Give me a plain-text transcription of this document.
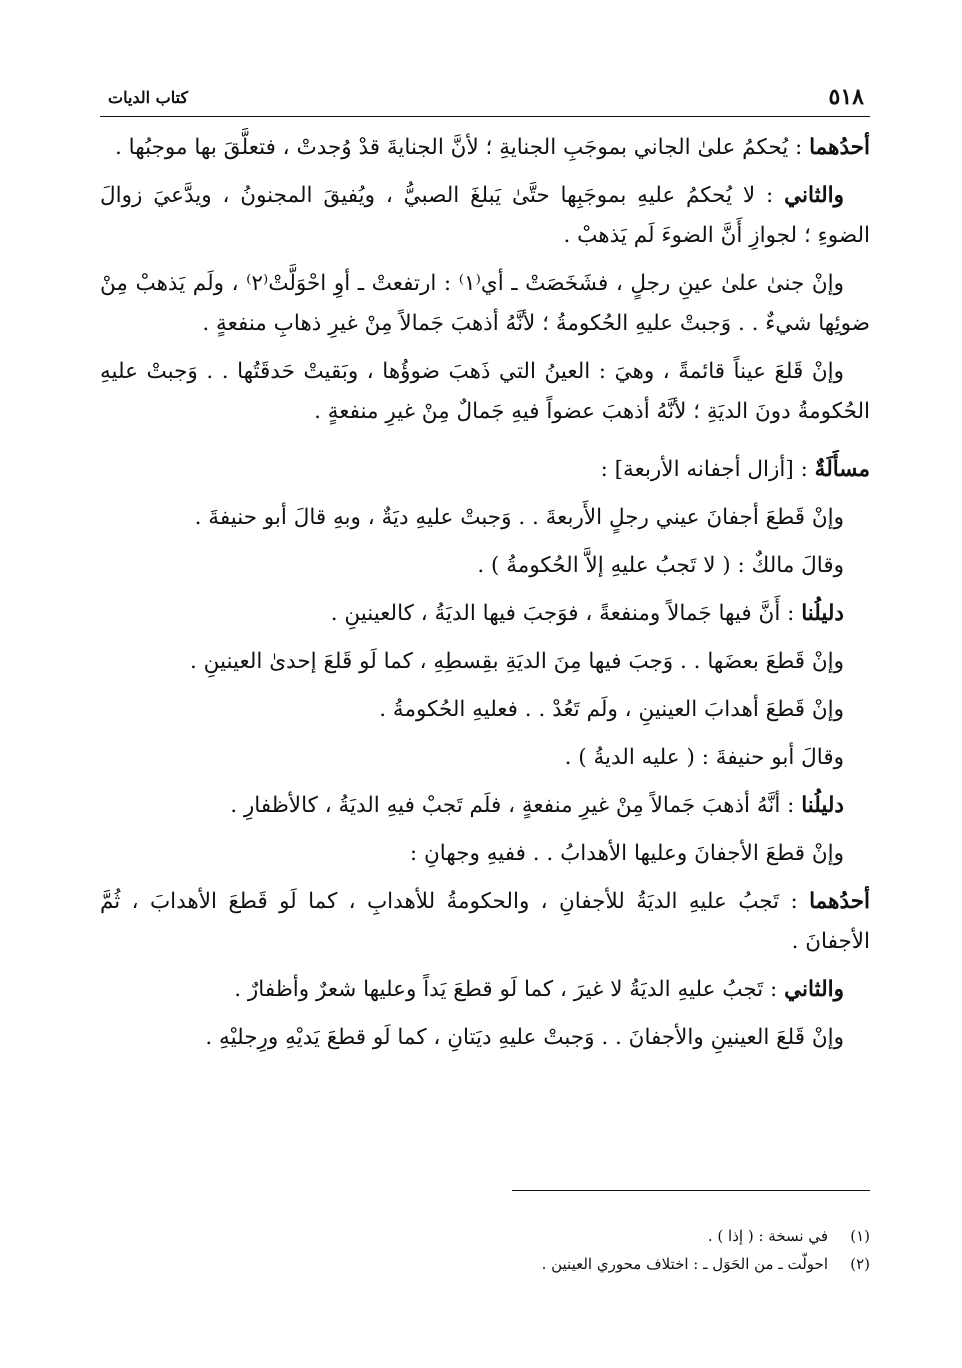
٥١٨
كتاب الديات

أحدُهما : يُحكمُ علىٰ الجاني بموجَبِ الجنايةِ ؛ لأنَّ الجنايةَ قدْ وُجدتْ ، فتعلَّقَ بها موجبُها .

والثاني : لا يُحكمُ عليهِ بموجَبِها حتَّىٰ يَبلغَ الصبيُّ ، ويُفيقَ المجنونُ ، ويدَّعيَ زوالَ الضوءِ ؛ لجوازِ أَنَّ الضوءَ لَم يَذهبْ .

وإنْ جنىٰ علىٰ عينِ رجلٍ ، فشَخَصَتْ ـ أي⁽١⁾ : ارتفعتْ ـ أوِ احْوَلَّتْ⁽٢⁾ ، ولَم يَذهبْ مِنْ ضوئِها شيءٌ . . وَجبتْ عليهِ الحُكومةُ ؛ لأنَّهُ أذهبَ جَمالاً مِنْ غيرِ ذهابِ منفعةٍ .

وإنْ قَلعَ عيناً قائمةً ، وهيَ : العينُ التي ذَهبَ ضوؤُها ، وبَقيتْ حَدقَتُها . . وَجبتْ عليهِ الحُكومةُ دونَ الديَةِ ؛ لأنَّهُ أذهبَ عضواً فيهِ جَمالٌ مِنْ غيرِ منفعةٍ .

مسأَلَةٌ : [أزال أجفانه الأربعة] :

وإنْ قَطعَ أجفانَ عيني رجلٍ الأَربعةَ . . وَجبتْ عليهِ ديَةٌ ، وبهِ قالَ أبو حنيفةَ .

وقالَ مالكٌ : ( لا تَجبُ عليهِ إلاَّ الحُكومةُ ) .

دليلُنا : أَنَّ فيها جَمالاً ومنفعةً ، فوَجبَ فيها الديَةُ ، كالعينينِ .

وإنْ قَطعَ بعضَها . . وَجبَ فيها مِنَ الديَةِ بقِسطِهِ ، كما لَو قَلعَ إحدىٰ العينينِ .

وإنْ قَطعَ أهدابَ العينينِ ، ولَم تَعُدْ . . فعليهِ الحُكومةُ .

وقالَ أبو حنيفةَ : ( عليه الديةُ ) .

دليلُنا : أنَّهُ أذهبَ جَمالاً مِنْ غيرِ منفعةٍ ، فلَم تَجبْ فيهِ الديَةُ ، كالأظفارِ .

وإنْ قطعَ الأجفانَ وعليها الأهدابُ . . ففيهِ وجهانِ :

أحدُهما : تَجبُ عليهِ الديَةُ للأجفانِ ، والحكومةُ للأهدابِ ، كما لَو قَطعَ الأهدابَ ، ثُمَّ الأجفانَ .

والثاني : تَجبُ عليهِ الديَةُ لا غيرَ ، كما لَو قطعَ يَداً وعليها شعرٌ وأظفارٌ .

وإنْ قَلعَ العينينِ والأجفانَ . . وَجبتْ عليهِ ديَتانِ ، كما لَو قطعَ يَديْهِ ورِجليْهِ .

(١)في نسخة : ( إذا ) .
(٢)احولّت ـ من الحَوَل ـ : اختلاف محوري العينين .
